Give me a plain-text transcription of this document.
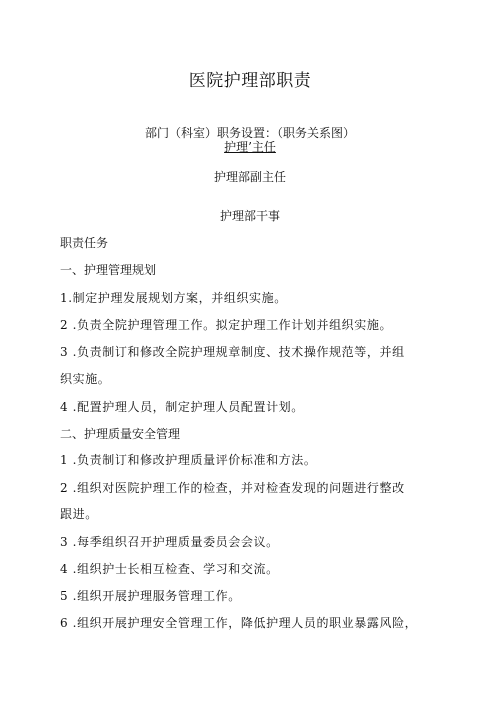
医院护理部职责
部门（科室）职务设置：（职务关系图）
护理’主任
护理部副主任
护理部干事
职责任务
一、护理管理规划
1.制定护理发展规划方案，并组织实施。
2 .负责全院护理管理工作。拟定护理工作计划并组织实施。
3 .负责制订和修改全院护理规章制度、技术操作规范等，并组
织实施。
4 .配置护理人员，制定护理人员配置计划。
二、护理质量安全管理
1 .负责制订和修改护理质量评价标准和方法。
2 .组织对医院护理工作的检查，并对检查发现的问题进行整改
跟进。
3 .每季组织召开护理质量委员会会议。
4 .组织护士长相互检查、学习和交流。
5 .组织开展护理服务管理工作。
6 .组织开展护理安全管理工作，降低护理人员的职业暴露风险，
